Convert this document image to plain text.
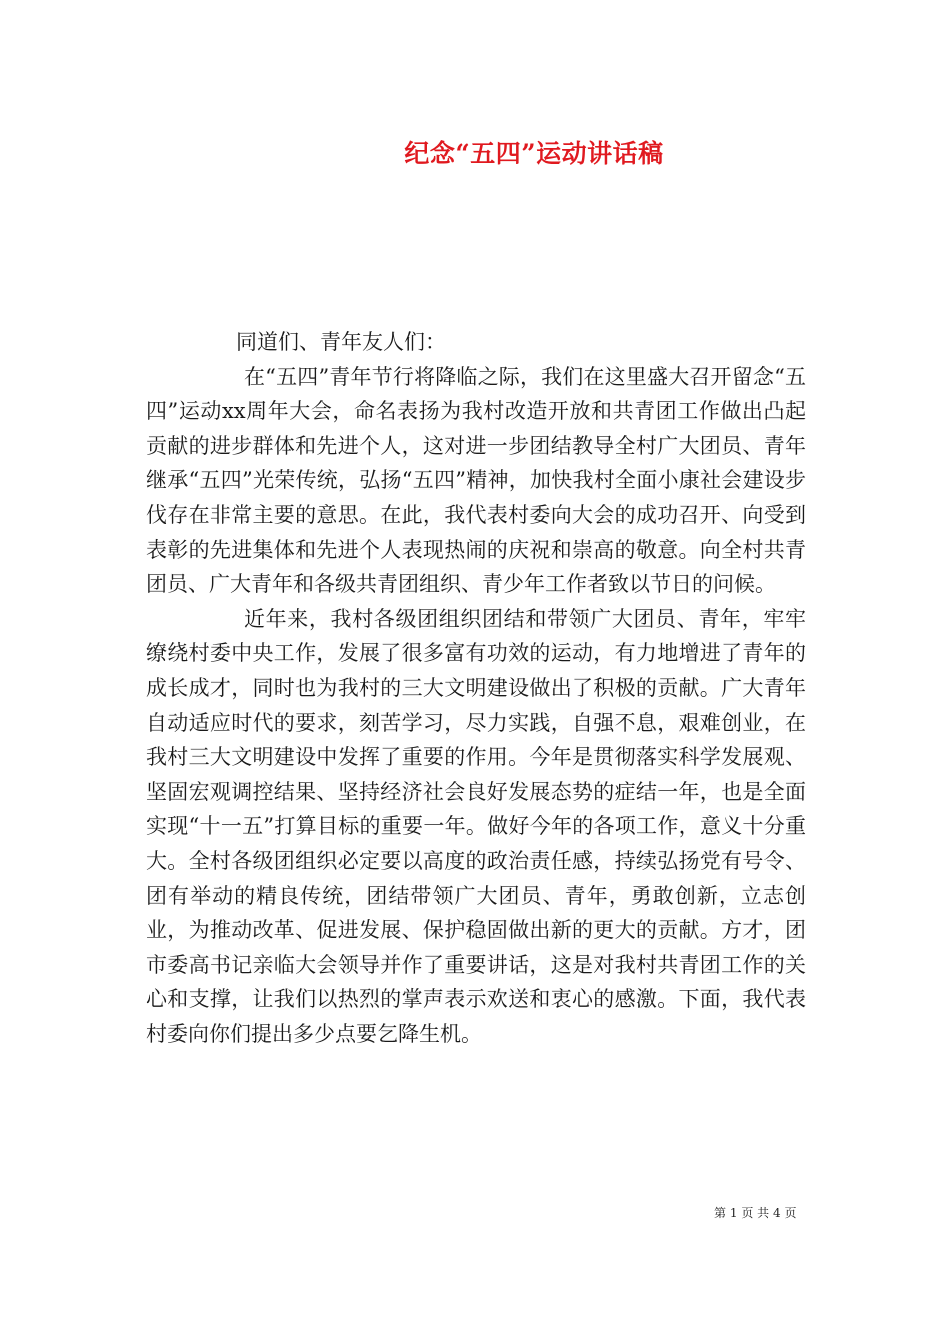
纪念“五四”运动讲话稿

同道们、青年友人们：

在“五四”青年节行将降临之际，我们在这里盛大召开留念“五四”运动xx周年大会，命名表扬为我村改造开放和共青团工作做出凸起贡献的进步群体和先进个人，这对进一步团结教导全村广大团员、青年继承“五四”光荣传统，弘扬“五四”精神，加快我村全面小康社会建设步伐存在非常主要的意思。在此，我代表村委向大会的成功召开、向受到表彰的先进集体和先进个人表现热闹的庆祝和崇高的敬意。向全村共青团员、广大青年和各级共青团组织、青少年工作者致以节日的问候。

近年来，我村各级团组织团结和带领广大团员、青年，牢牢缭绕村委中央工作，发展了很多富有功效的运动，有力地增进了青年的成长成才，同时也为我村的三大文明建设做出了积极的贡献。广大青年自动适应时代的要求，刻苦学习，尽力实践，自强不息，艰难创业，在我村三大文明建设中发挥了重要的作用。今年是贯彻落实科学发展观、坚固宏观调控结果、坚持经济社会良好发展态势的症结一年，也是全面实现“十一五”打算目标的重要一年。做好今年的各项工作，意义十分重大。全村各级团组织必定要以高度的政治责任感，持续弘扬党有号令、团有举动的精良传统，团结带领广大团员、青年，勇敢创新，立志创业，为推动改革、促进发展、保护稳固做出新的更大的贡献。方才，团市委高书记亲临大会领导并作了重要讲话，这是对我村共青团工作的关心和支撑，让我们以热烈的掌声表示欢送和衷心的感激。下面，我代表村委向你们提出多少点要乞降生机。

第 1 页 共 4 页
